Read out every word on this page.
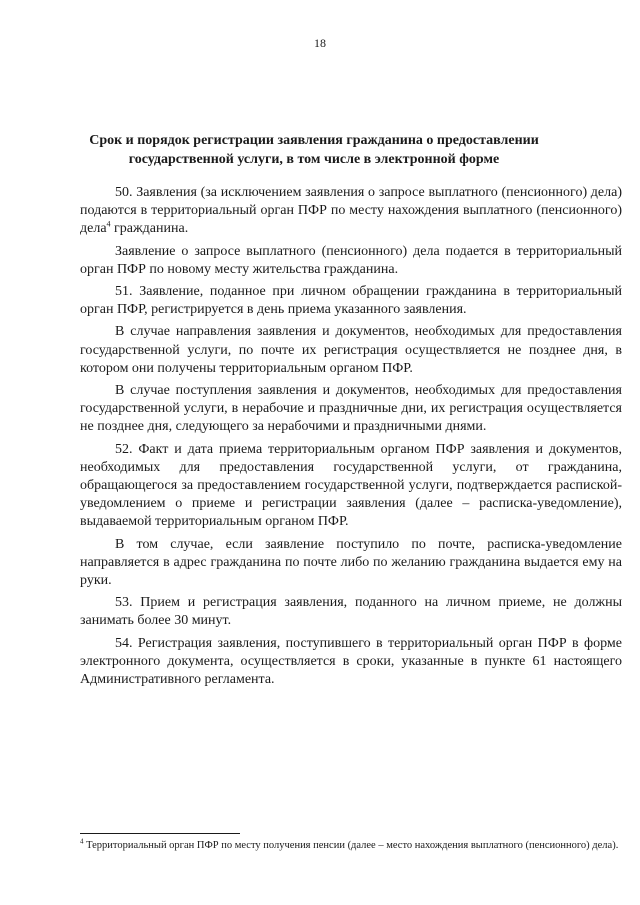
18
Срок и порядок регистрации заявления гражданина о предоставлении
государственной услуги, в том числе в электронной форме

50. Заявления (за исключением заявления о запросе выплатного (пенсионного) дела) подаются в территориальный орган ПФР по месту нахождения выплатного (пенсионного) дела$^4$ гражданина.

Заявление о запросе выплатного (пенсионного) дела подается в территориальный орган ПФР по новому месту жительства гражданина.

51. Заявление, поданное при личном обращении гражданина в территориальный орган ПФР, регистрируется в день приема указанного заявления.

В случае направления заявления и документов, необходимых для предоставления государственной услуги, по почте их регистрация осуществляется не позднее дня, в котором они получены территориальным органом ПФР.

В случае поступления заявления и документов, необходимых для предоставления государственной услуги, в нерабочие и праздничные дни, их регистрация осуществляется не позднее дня, следующего за нерабочими и праздничными днями.

52. Факт и дата приема территориальным органом ПФР заявления и документов, необходимых для предоставления государственной услуги, от гражданина, обращающегося за предоставлением государственной услуги, подтверждается распиской-уведомлением о приеме и регистрации заявления (далее – расписка-уведомление), выдаваемой территориальным органом ПФР.

В том случае, если заявление поступило по почте, расписка-уведомление направляется в адрес гражданина по почте либо по желанию гражданина выдается ему на руки.

53. Прием и регистрация заявления, поданного на личном приеме, не должны занимать более 30 минут.

54. Регистрация заявления, поступившего в территориальный орган ПФР в форме электронного документа, осуществляется в сроки, указанные в пункте 61 настоящего Административного регламента.

$^4$ Территориальный орган ПФР по месту получения пенсии (далее – место нахождения выплатного (пенсионного) дела).
